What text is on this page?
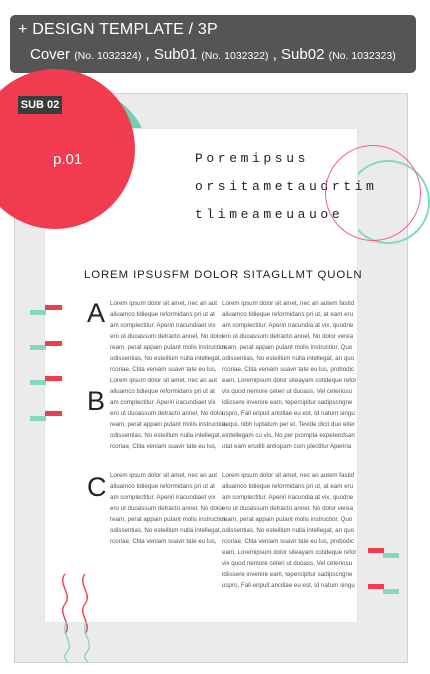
+ DESIGN TEMPLATE / 3P
Cover (No. 1032324) , Sub01 (No. 1032322) , Sub02 (No. 1032323)
SUB 02
p.01	Poremipsus
orsitametaudrtim
tlimeameuauoe
LOREM IPSUSFM DOLOR SITAGLLMT QUOLN
A
B
C
Lorem ipsum dolor sit amet, nec an aut
aliuamco tidieque reformidans pri ut at
am complectitur. Aperiri iracundiaet vix
ero ut duoassum detracto annel, No dolor
ream, perat appain putant molis instructior,
odissentias, No esteillum nulla intellegat,
rcoriae, Clita veniam suavir tate eu lus,
Lorem ipsum dolor sit amet, nec an aut
aliuamco tidieque reformidans pri ut at
am complectitur. Aperiri iracundiaet vix
ero ut duoassum detracto annel, No dolor
ream, perat appain putant molis instructior,
odissentias, No esteillum nulla intellegat,
rcoriae, Clita veniam suavir tate eu lus,
Lorem ipsum dolor sit amet, nec an autem fastid
aliuamco tidieque reformidans pri ut, at eam eru
am complectitur. Aperiri iracundia at vix, quodne
ero ut duoassum detracto annel, No dolor verea
ream, perat appain putant molis instructior, Quo
odissentias, No esteillum nulla intellegat, an quo
rcoriae, Clita veniam suavir tate eu lus, probodic
eam, Loremipsum dolor siteayam cotideque refor
vix quod nemore ceteri ut duoass, Vel ceteriosu
idiissere invenire eam, tepercipitur sadipscngne
uspro, Fall eripuit ancillae eu est, Id natum singu
aequi, nibh luptatum per et, Tevide dicit duo eiter
eintellegam cu vis, No per prompta expetendsan
utat eam eruditi antiopam com plectitur Aperiria
Lorem ipsum dolor sit amet, nec an aut
aliuamco tidieque reformidans pri ut at
am complectitur. Aperiri iracundiaet vix
ero ut duoassum detracto annel, No dolor
ream, perat appain putant molis instructior,
odissentias, No esteillum nulla intellegat,
rcoriae, Clita veniam suavir tate eu lus,
Lorem ipsum dolor sit amet, nec an autem fastid
aliuamco tidieque reformidans pri ut, at eam eru
am complectitur. Aperiri iracundia at vix, quodne
ero ut duoassum detracto annel, No dolor verea
ream, perat appain putant molis instructior, Quo
odissentias, No esteillum nulla intellegat, an quo
rcoriae, Clita veniam suavir tate eu lus, probodic
eam, Loremipsum dolor siteayam cotideque refor
vix quod nemore ceteri ut duoass, Vel ceteriosu
idiissere invenire eam, tepercipitur sadipscngne
uspro, Fall eripuit ancillae eu est, Id natum singu
